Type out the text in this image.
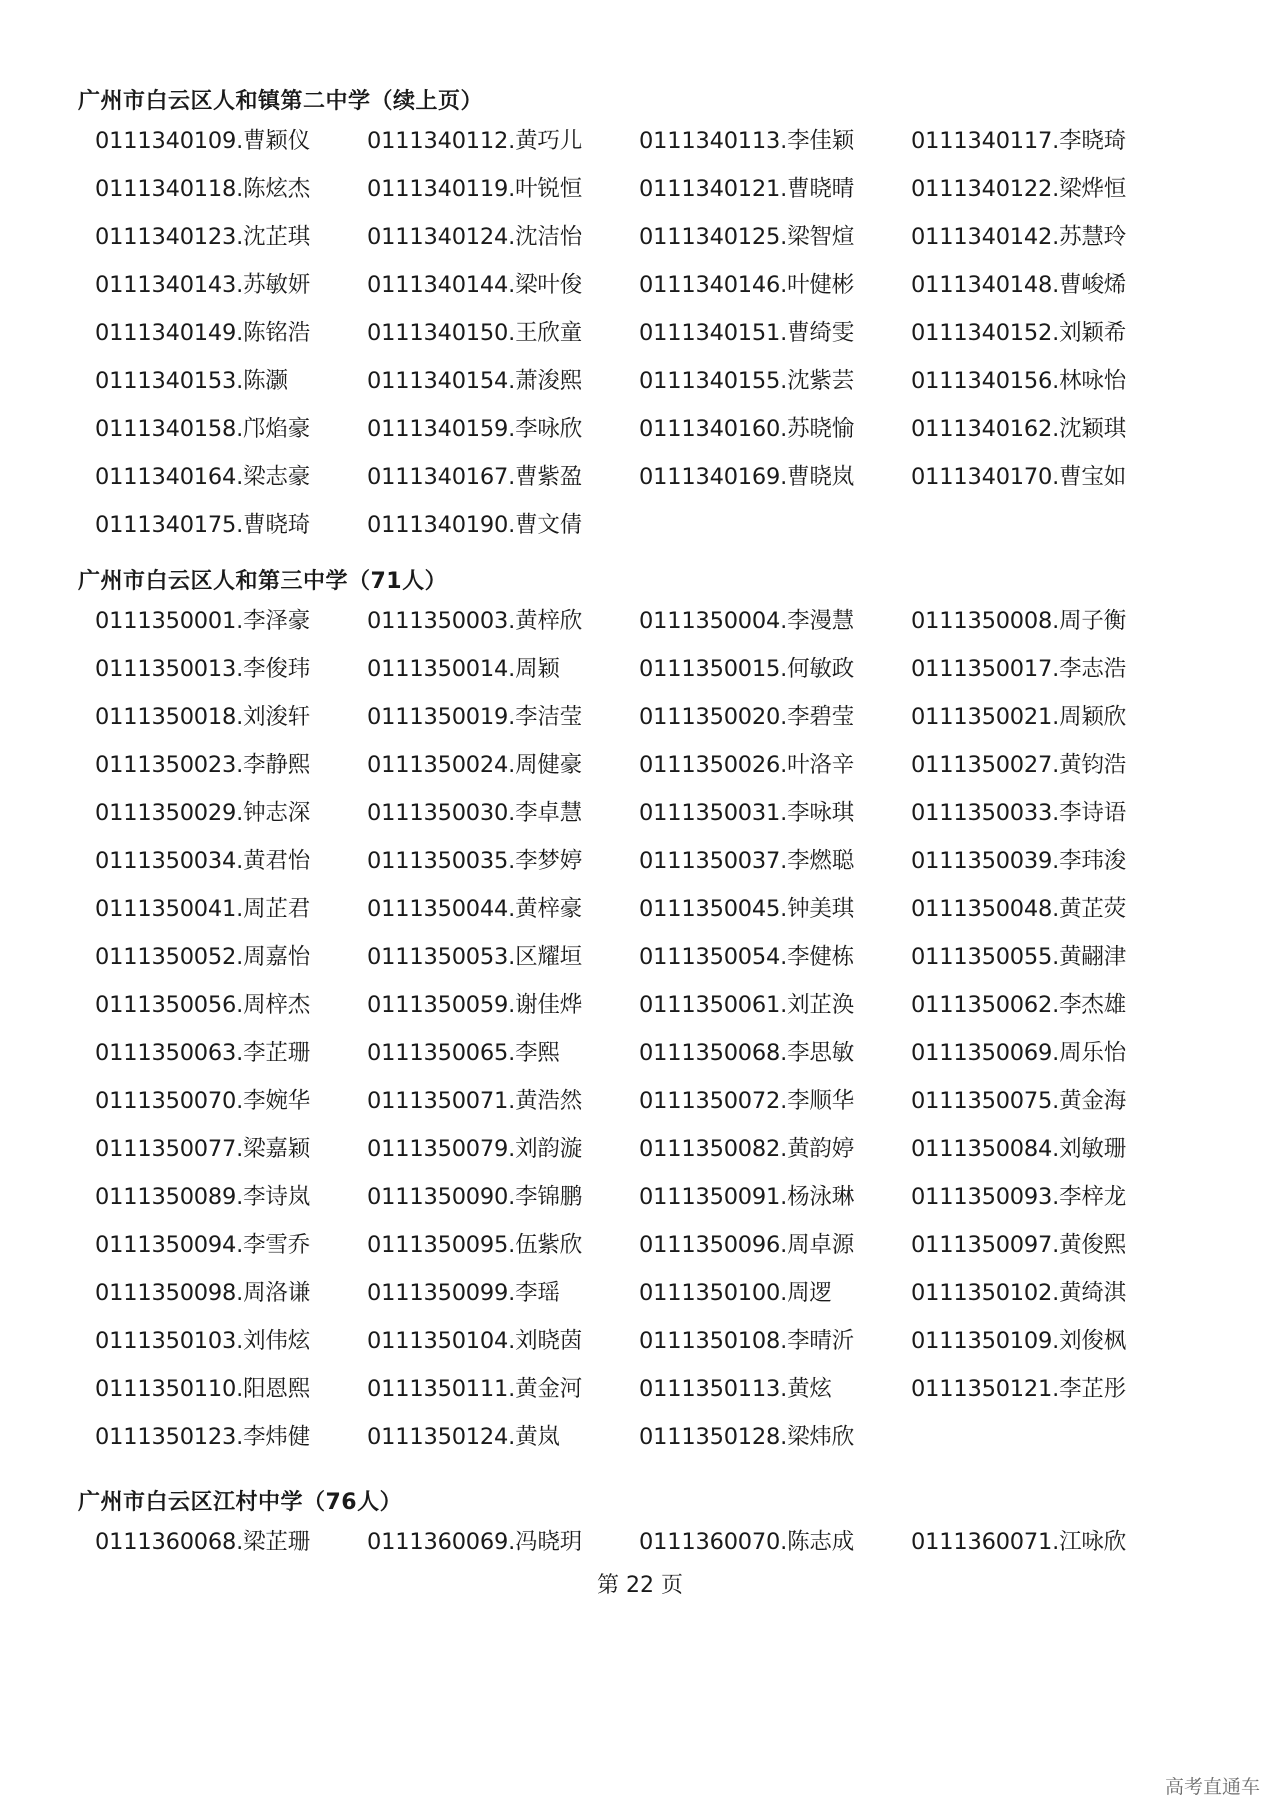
广州市白云区人和镇第二中学（续上页）
0111340109.曹颖仪	0111340112.黄巧儿	0111340113.李佳颖	0111340117.李晓琦
0111340118.陈炫杰	0111340119.叶锐恒	0111340121.曹晓晴	0111340122.梁烨恒
0111340123.沈芷琪	0111340124.沈洁怡	0111340125.梁智煊	0111340142.苏慧玲
0111340143.苏敏妍	0111340144.梁叶俊	0111340146.叶健彬	0111340148.曹峻烯
0111340149.陈铭浩	0111340150.王欣童	0111340151.曹绮雯	0111340152.刘颖希
0111340153.陈灏	0111340154.萧浚熙	0111340155.沈紫芸	0111340156.林咏怡
0111340158.邝焰豪	0111340159.李咏欣	0111340160.苏晓愉	0111340162.沈颖琪
0111340164.梁志豪	0111340167.曹紫盈	0111340169.曹晓岚	0111340170.曹宝如
0111340175.曹晓琦	0111340190.曹文倩
广州市白云区人和第三中学（71人）
0111350001.李泽豪	0111350003.黄梓欣	0111350004.李漫慧	0111350008.周子衡
0111350013.李俊玮	0111350014.周颖	0111350015.何敏政	0111350017.李志浩
0111350018.刘浚轩	0111350019.李洁莹	0111350020.李碧莹	0111350021.周颖欣
0111350023.李静熙	0111350024.周健豪	0111350026.叶洛辛	0111350027.黄钧浩
0111350029.钟志深	0111350030.李卓慧	0111350031.李咏琪	0111350033.李诗语
0111350034.黄君怡	0111350035.李梦婷	0111350037.李燃聪	0111350039.李玮浚
0111350041.周芷君	0111350044.黄梓豪	0111350045.钟美琪	0111350048.黄芷荧
0111350052.周嘉怡	0111350053.区耀垣	0111350054.李健栋	0111350055.黄翤津
0111350056.周梓杰	0111350059.谢佳烨	0111350061.刘芷涣	0111350062.李杰雄
0111350063.李芷珊	0111350065.李熙	0111350068.李思敏	0111350069.周乐怡
0111350070.李婉华	0111350071.黄浩然	0111350072.李顺华	0111350075.黄金海
0111350077.梁嘉颖	0111350079.刘韵漩	0111350082.黄韵婷	0111350084.刘敏珊
0111350089.李诗岚	0111350090.李锦鹏	0111350091.杨泳琳	0111350093.李梓龙
0111350094.李雪乔	0111350095.伍紫欣	0111350096.周卓源	0111350097.黄俊熙
0111350098.周洛谦	0111350099.李瑶	0111350100.周逻	0111350102.黄绮淇
0111350103.刘伟炫	0111350104.刘晓茵	0111350108.李晴沂	0111350109.刘俊枫
0111350110.阳恩熙	0111350111.黄金河	0111350113.黄炫	0111350121.李芷彤
0111350123.李炜健	0111350124.黄岚	0111350128.梁炜欣
广州市白云区江村中学（76人）
0111360068.梁芷珊	0111360069.冯晓玥	0111360070.陈志成	0111360071.江咏欣
第 22 页
高考直通车
